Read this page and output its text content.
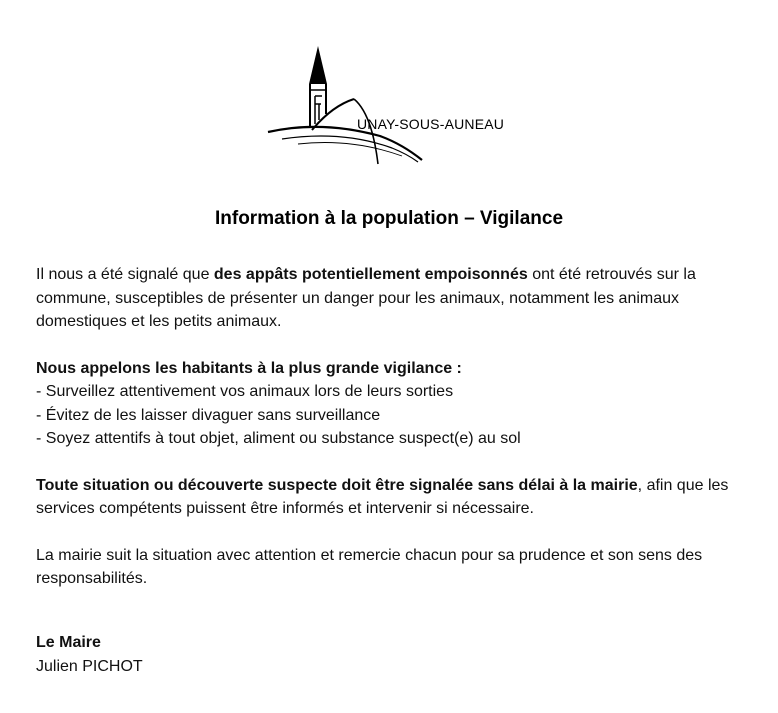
UNAY-SOUS-AUNEAU
Information à la population – Vigilance

Il nous a été signalé que des appâts potentiellement empoisonnés ont été retrouvés sur la commune, susceptibles de présenter un danger pour les animaux, notamment les animaux domestiques et les petits animaux.

Nous appelons les habitants à la plus grande vigilance :

- Surveillez attentivement vos animaux lors de leurs sorties

- Évitez de les laisser divaguer sans surveillance

- Soyez attentifs à tout objet, aliment ou substance suspect(e) au sol

Toute situation ou découverte suspecte doit être signalée sans délai à la mairie, afin que les services compétents puissent être informés et intervenir si nécessaire.

La mairie suit la situation avec attention et remercie chacun pour sa prudence et son sens des responsabilités.

Le Maire

Julien PICHOT
